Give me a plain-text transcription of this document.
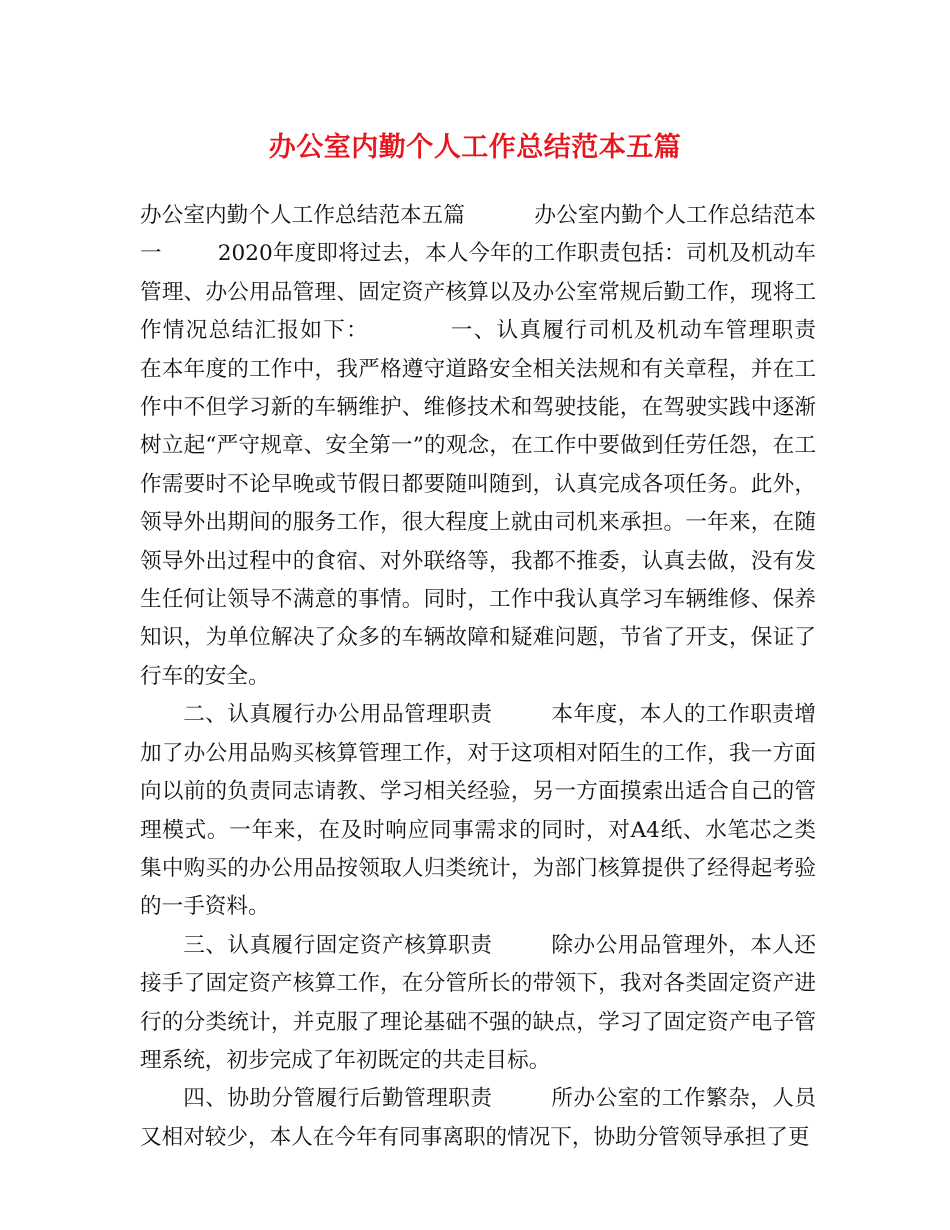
办公室内勤个人工作总结范本五篇

办公室内勤个人工作总结范本五篇          办公室内勤个人工作总结范本一        2020年度即将过去，本人今年的工作职责包括：司机及机动车管理、办公用品管理、固定资产核算以及办公室常规后勤工作，现将工作情况总结汇报如下：          一、认真履行司机及机动车管理职责        在本年度的工作中，我严格遵守道路安全相关法规和有关章程，并在工作中不但学习新的车辆维护、维修技术和驾驶技能，在驾驶实践中逐渐树立起“严守规章、安全第一”的观念，在工作中要做到任劳任怨，在工作需要时不论早晚或节假日都要随叫随到，认真完成各项任务。此外，领导外出期间的服务工作，很大程度上就由司机来承担。一年来，在随领导外出过程中的食宿、对外联络等，我都不推委，认真去做，没有发生任何让领导不满意的事情。同时，工作中我认真学习车辆维修、保养知识，为单位解决了众多的车辆故障和疑难问题，节省了开支，保证了行车的安全。

二、认真履行办公用品管理职责        本年度，本人的工作职责增加了办公用品购买核算管理工作，对于这项相对陌生的工作，我一方面向以前的负责同志请教、学习相关经验，另一方面摸索出适合自己的管理模式。一年来，在及时响应同事需求的同时，对A4纸、水笔芯之类集中购买的办公用品按领取人归类统计，为部门核算提供了经得起考验的一手资料。

三、认真履行固定资产核算职责        除办公用品管理外，本人还接手了固定资产核算工作，在分管所长的带领下，我对各类固定资产进行的分类统计，并克服了理论基础不强的缺点，学习了固定资产电子管理系统，初步完成了年初既定的共走目标。

四、协助分管履行后勤管理职责        所办公室的工作繁杂，人员又相对较少，本人在今年有同事离职的情况下，协助分管领导承担了更
